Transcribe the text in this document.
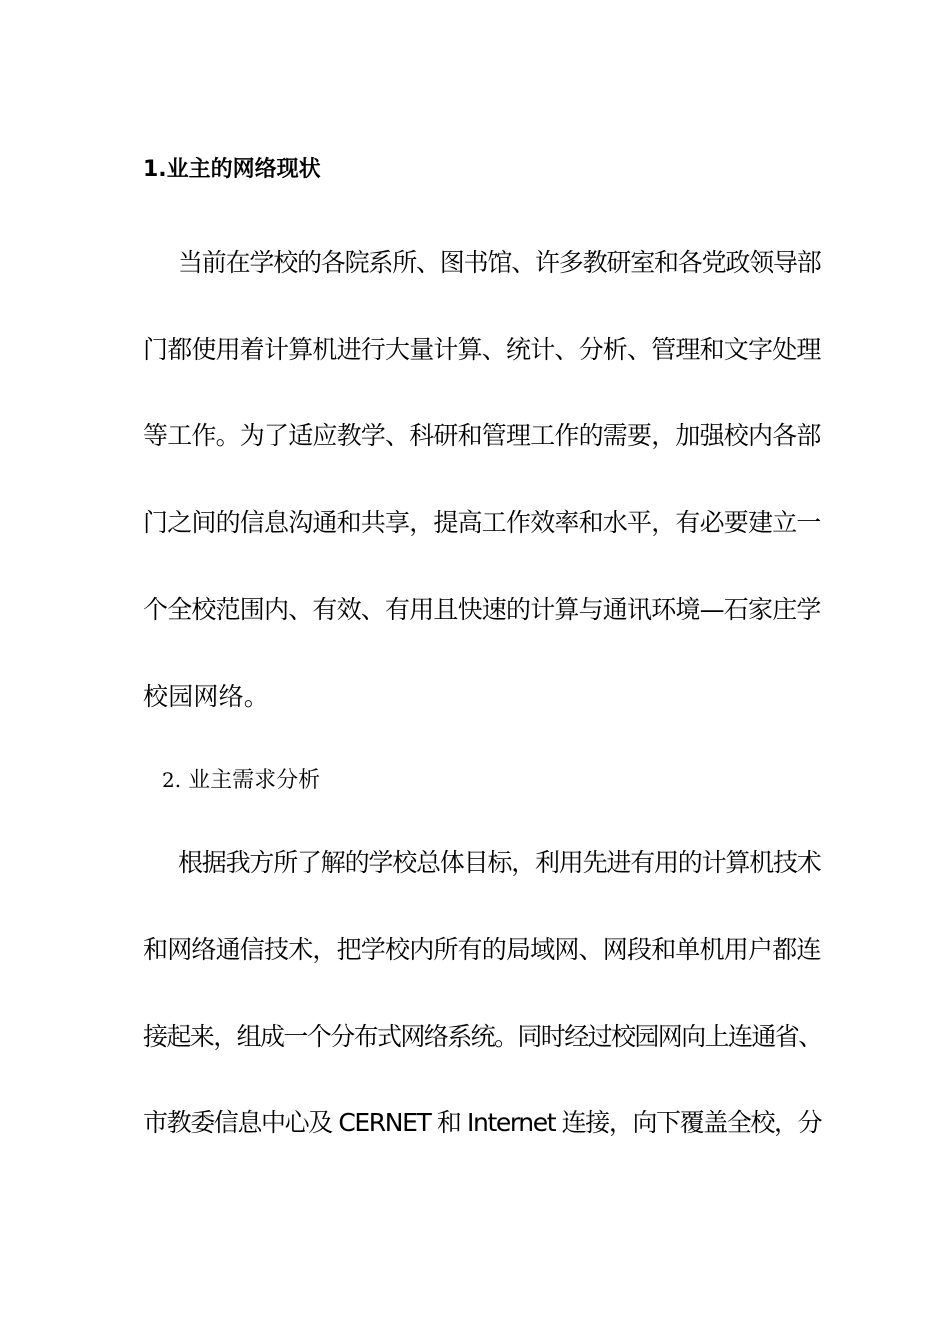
1.业主的网络现状
当前在学校的各院系所、图书馆、许多教研室和各党政领导部
门都使用着计算机进行大量计算、统计、分析、管理和文字处理
等工作。为了适应教学、科研和管理工作的需要，加强校内各部
门之间的信息沟通和共享，提高工作效率和水平，有必要建立一
个全校范围内、有效、有用且快速的计算与通讯环境—石家庄学
校园网络。
2. 业主需求分析
根据我方所了解的学校总体目标，利用先进有用的计算机技术
和网络通信技术，把学校内所有的局域网、网段和单机用户都连
接起来，组成一个分布式网络系统。同时经过校园网向上连通省、
市教委信息中心及 CERNET 和 Internet 连接，向下覆盖全校，分
